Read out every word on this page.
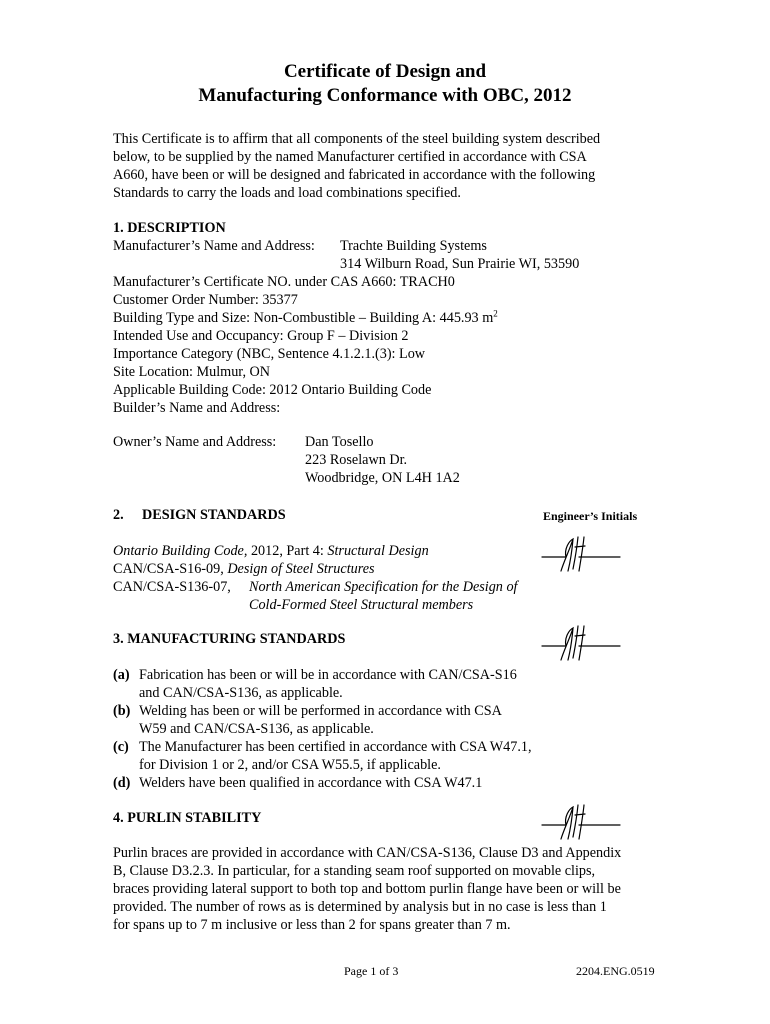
Certificate of Design and
Manufacturing Conformance with OBC, 2012
This Certificate is to affirm that all components of the steel building system described
below, to be supplied by the named Manufacturer certified in accordance with CSA
A660, have been or will be designed and fabricated in accordance with the following
Standards to carry the loads and load combinations specified.
1. DESCRIPTION
Manufacturer’s Name and Address: Trachte Building Systems
314 Wilburn Road, Sun Prairie WI, 53590
Manufacturer’s Certificate NO. under CAS A660: TRACH0
Customer Order Number: 35377
Building Type and Size: Non-Combustible – Building A: 445.93 $m^2$
Intended Use and Occupancy: Group F – Division 2
Importance Category (NBC, Sentence 4.1.2.1.(3): Low
Site Location: Mulmur, ON
Applicable Building Code: 2012 Ontario Building Code
Builder’s Name and Address:
Owner’s Name and Address: Dan Tosello
223 Roselawn Dr.
Woodbridge, ON L4H 1A2
2. DESIGN STANDARDS	Engineer’s Initials
Ontario Building Code, 2012, Part 4: Structural Design
CAN/CSA-S16-09, Design of Steel Structures
CAN/CSA-S136-07, North American Specification for the Design of
Cold-Formed Steel Structural members
3. MANUFACTURING STANDARDS
(a) Fabrication has been or will be in accordance with CAN/CSA-S16
and CAN/CSA-S136, as applicable.
(b) Welding has been or will be performed in accordance with CSA
W59 and CAN/CSA-S136, as applicable.
(c) The Manufacturer has been certified in accordance with CSA W47.1,
for Division 1 or 2, and/or CSA W55.5, if applicable.
(d) Welders have been qualified in accordance with CSA W47.1
4. PURLIN STABILITY
Purlin braces are provided in accordance with CAN/CSA-S136, Clause D3 and Appendix
B, Clause D3.2.3. In particular, for a standing seam roof supported on movable clips,
braces providing lateral support to both top and bottom purlin flange have been or will be
provided. The number of rows as is determined by analysis but in no case is less than 1
for spans up to 7 m inclusive or less than 2 for spans greater than 7 m.
Page 1 of 3	2204.ENG.0519
